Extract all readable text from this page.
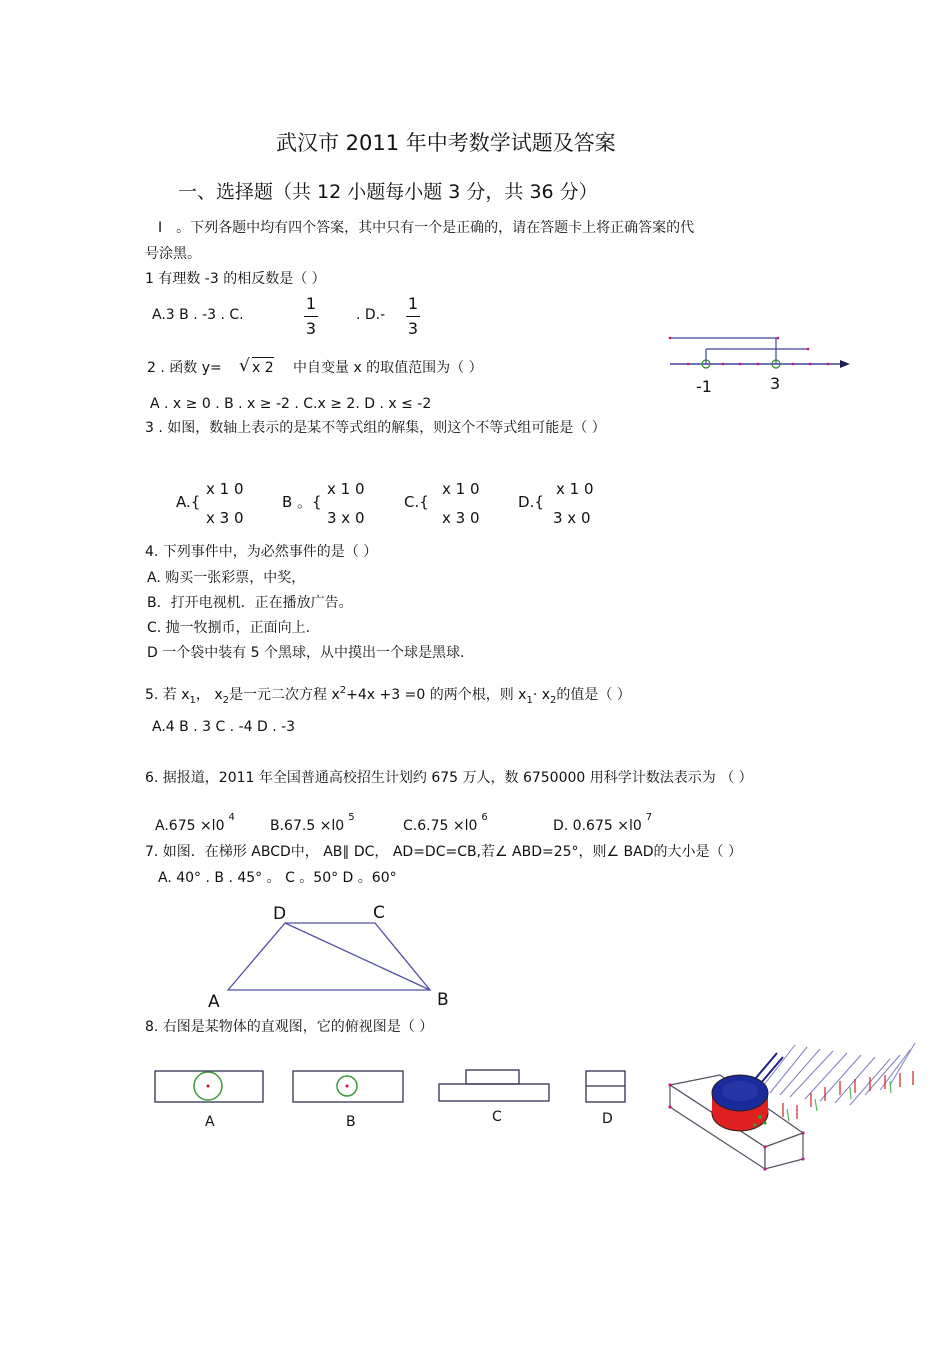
武汉市 2011 年中考数学试题及答案
一、选择题（共 12 小题每小题 3 分，共 36 分）
I　。下列各题中均有四个答案，其中只有一个是正确的，请在答题卡上将正确答案的代
号涂黑。
1 有理数 -3 的相反数是（ ）
A.3 B . -3 . C.
1
3
. D.-
1
3
2 . 函数 y= √ x 2 中自变量 x 的取值范围为（ ）
A . x ≥ 0 . B . x ≥ -2 . C.x ≥ 2. D . x ≤ -2
-1	3
3 . 如图，数轴上表示的是某不等式组的解集，则这个不等式组可能是（ ）
A.{
x 1 0
x 3 0
B 。{
x 1 0
3 x 0
C.{
x 1 0
x 3 0
D.{
x 1 0
3 x 0
4. 下列事件中，为必然事件的是（ ）
A. 购买一张彩票，中奖，
B．打开电视机．正在播放广告。
C. 抛一牧捌币，正面向上.
D 一个袋中装有 5 个黑球，从中摸出一个球是黑球.
5. 若 $x_1$， $x_2$是一元二次方程 $x^2+4x +3 =0$ 的两个根，则 $x_1\cdot x_2$的值是（ ）
A.4 B . 3 C . -4 D . -3
6. 据报道，2011 年全国普通高校招生计划约 675 万人，数 6750000 用科学计数法表示为 （ ）
$A.675 \times l0^4$
$B.67.5 \times l0^5$
$C.6.75 \times l0^6$
D. $0.675 \times l0^7$
7. 如图．在梯形 ABCD中， AB∥ DC， AD=DC=CB,若∠ ABD=25°，则∠ BAD的大小是（ ）
A. 40° . B . 45° 。 C 。50° D 。60°
A	B
C
D
8. 右图是某物体的直观图，它的俯视图是（ ）
A	B	C	D
